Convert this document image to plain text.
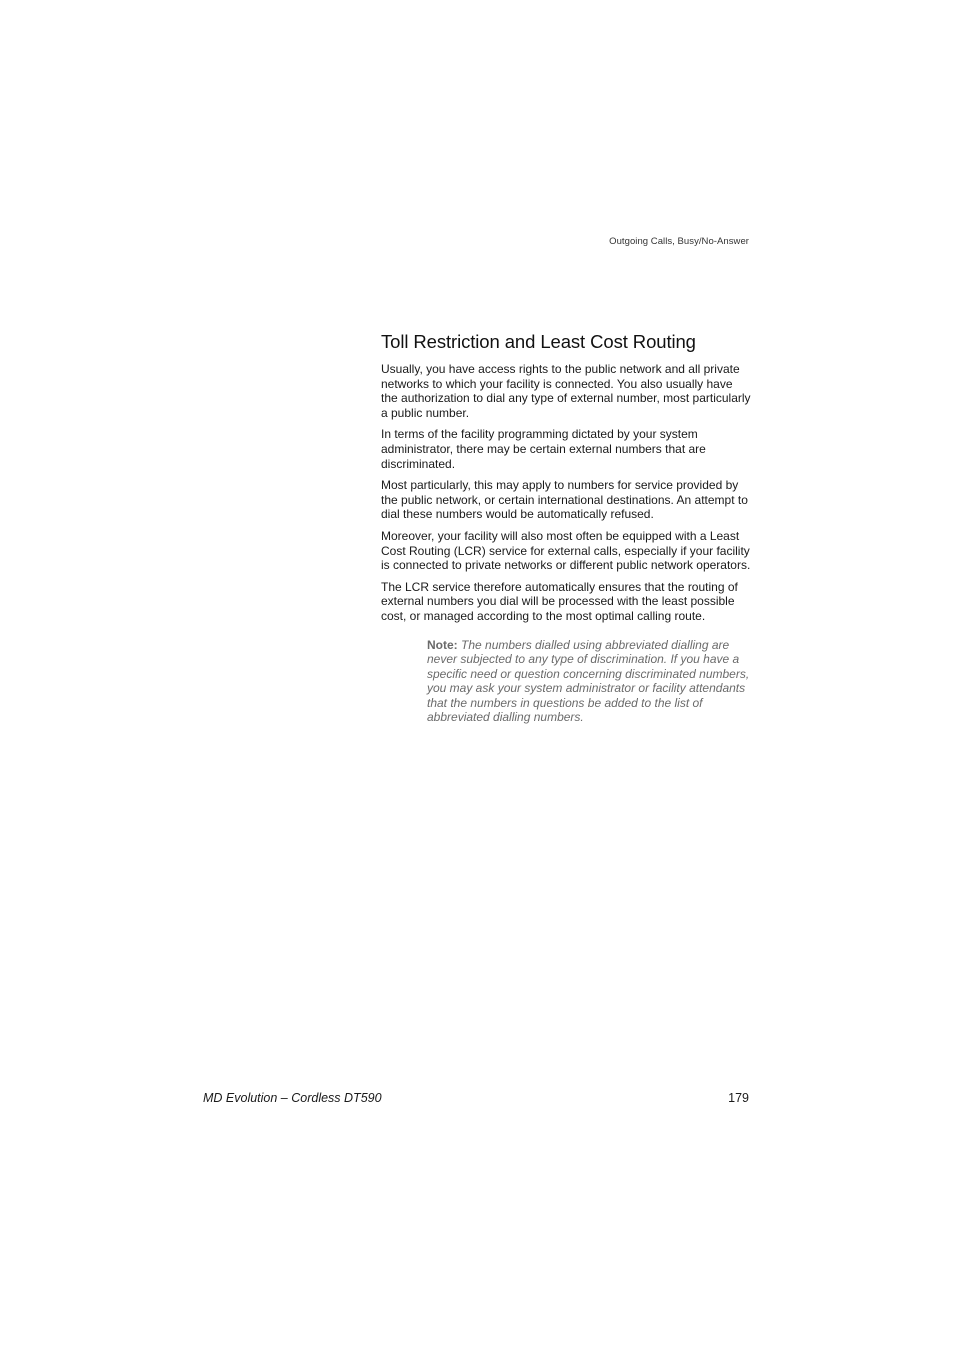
Outgoing Calls, Busy/No-Answer
Toll Restriction and Least Cost Routing

Usually, you have access rights to the public network and all private networks to which your facility is connected. You also usually have the authorization to dial any type of external number, most particularly a public number.

In terms of the facility programming dictated by your system administrator, there may be certain external numbers that are discriminated.

Most particularly, this may apply to numbers for service provided by the public network, or certain international destinations. An attempt to dial these numbers would be automatically refused.

Moreover, your facility will also most often be equipped with a Least Cost Routing (LCR) service for external calls, especially if your facility is connected to private networks or different public network operators.

The LCR service therefore automatically ensures that the routing of external numbers you dial will be processed with the least possible cost, or managed according to the most optimal calling route.

Note: The numbers dialled using abbreviated dialling are never subjected to any type of discrimination. If you have a specific need or question concerning discriminated numbers, you may ask your system administrator or facility attendants that the numbers in questions be added to the list of abbreviated dialling numbers.

MD Evolution – Cordless DT590	179
